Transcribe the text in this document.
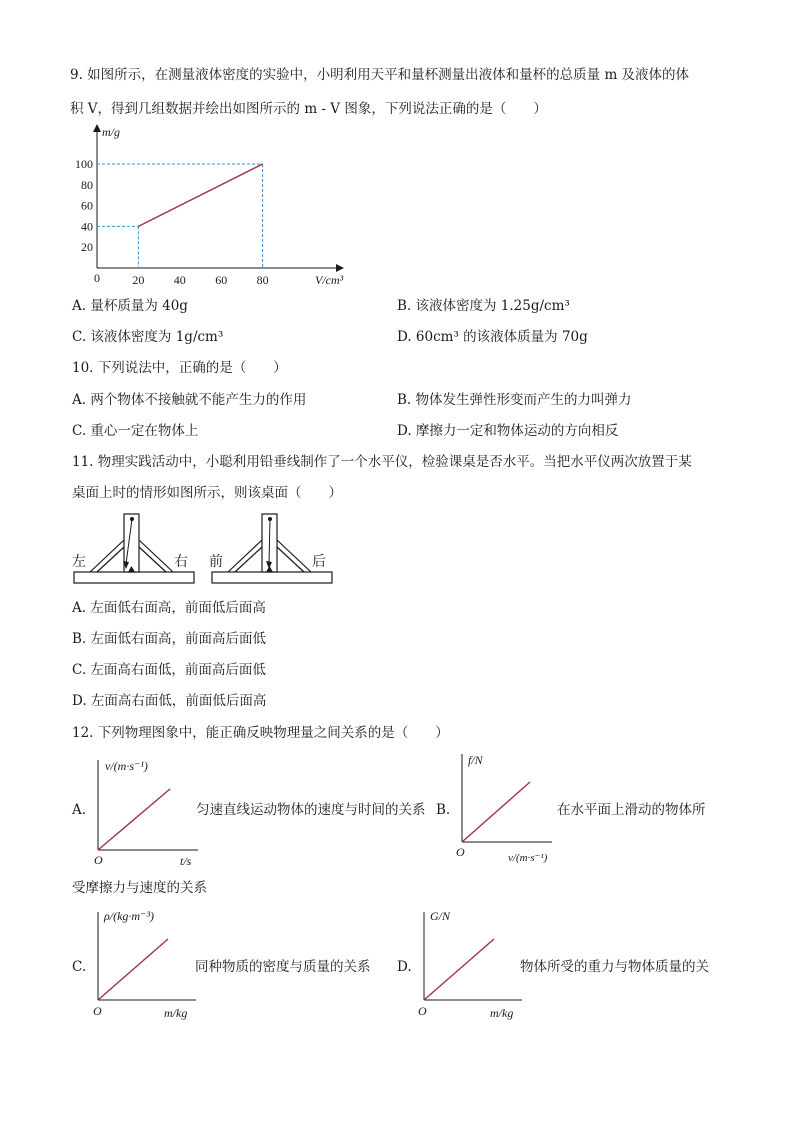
9. 如图所示，在测量液体密度的实验中，小明利用天平和量杯测量出液体和量杯的总质量 m 及液体的体
积 V，得到几组数据并绘出如图所示的 m - V 图象，下列说法正确的是（　　）
m/g
V/cm³
0
20
40
60
80
100
20 40 60 80
A. 量杯质量为 40g	B. 该液体密度为 1.25g/cm³
C. 该液体密度为 1g/cm³	D. 60cm³ 的该液体质量为 70g
10. 下列说法中，正确的是（　　）
A. 两个物体不接触就不能产生力的作用	B. 物体发生弹性形变而产生的力叫弹力
C. 重心一定在物体上	D. 摩擦力一定和物体运动的方向相反
11. 物理实践活动中，小聪利用铅垂线制作了一个水平仪，检验课桌是否水平。当把水平仪两次放置于某
桌面上时的情形如图所示，则该桌面（　　）
左	右 前	后
A. 左面低右面高，前面低后面高
B. 左面低右面高，前面高后面低
C. 左面高右面低，前面高后面低
D. 左面高右面低，前面低后面高
12. 下列物理图象中，能正确反映物理量之间关系的是（　　）
A.
v/(m·s⁻¹)
t/s
O
匀速直线运动物体的速度与时间的关系 B.
f/N
v/(m·s⁻¹)
O
在水平面上滑动的物体所
受摩擦力与速度的关系
C.
ρ/(kg·m⁻³)
m/kg
O
同种物质的密度与质量的关系 D.
G/N
m/kg
O
物体所受的重力与物体质量的关
